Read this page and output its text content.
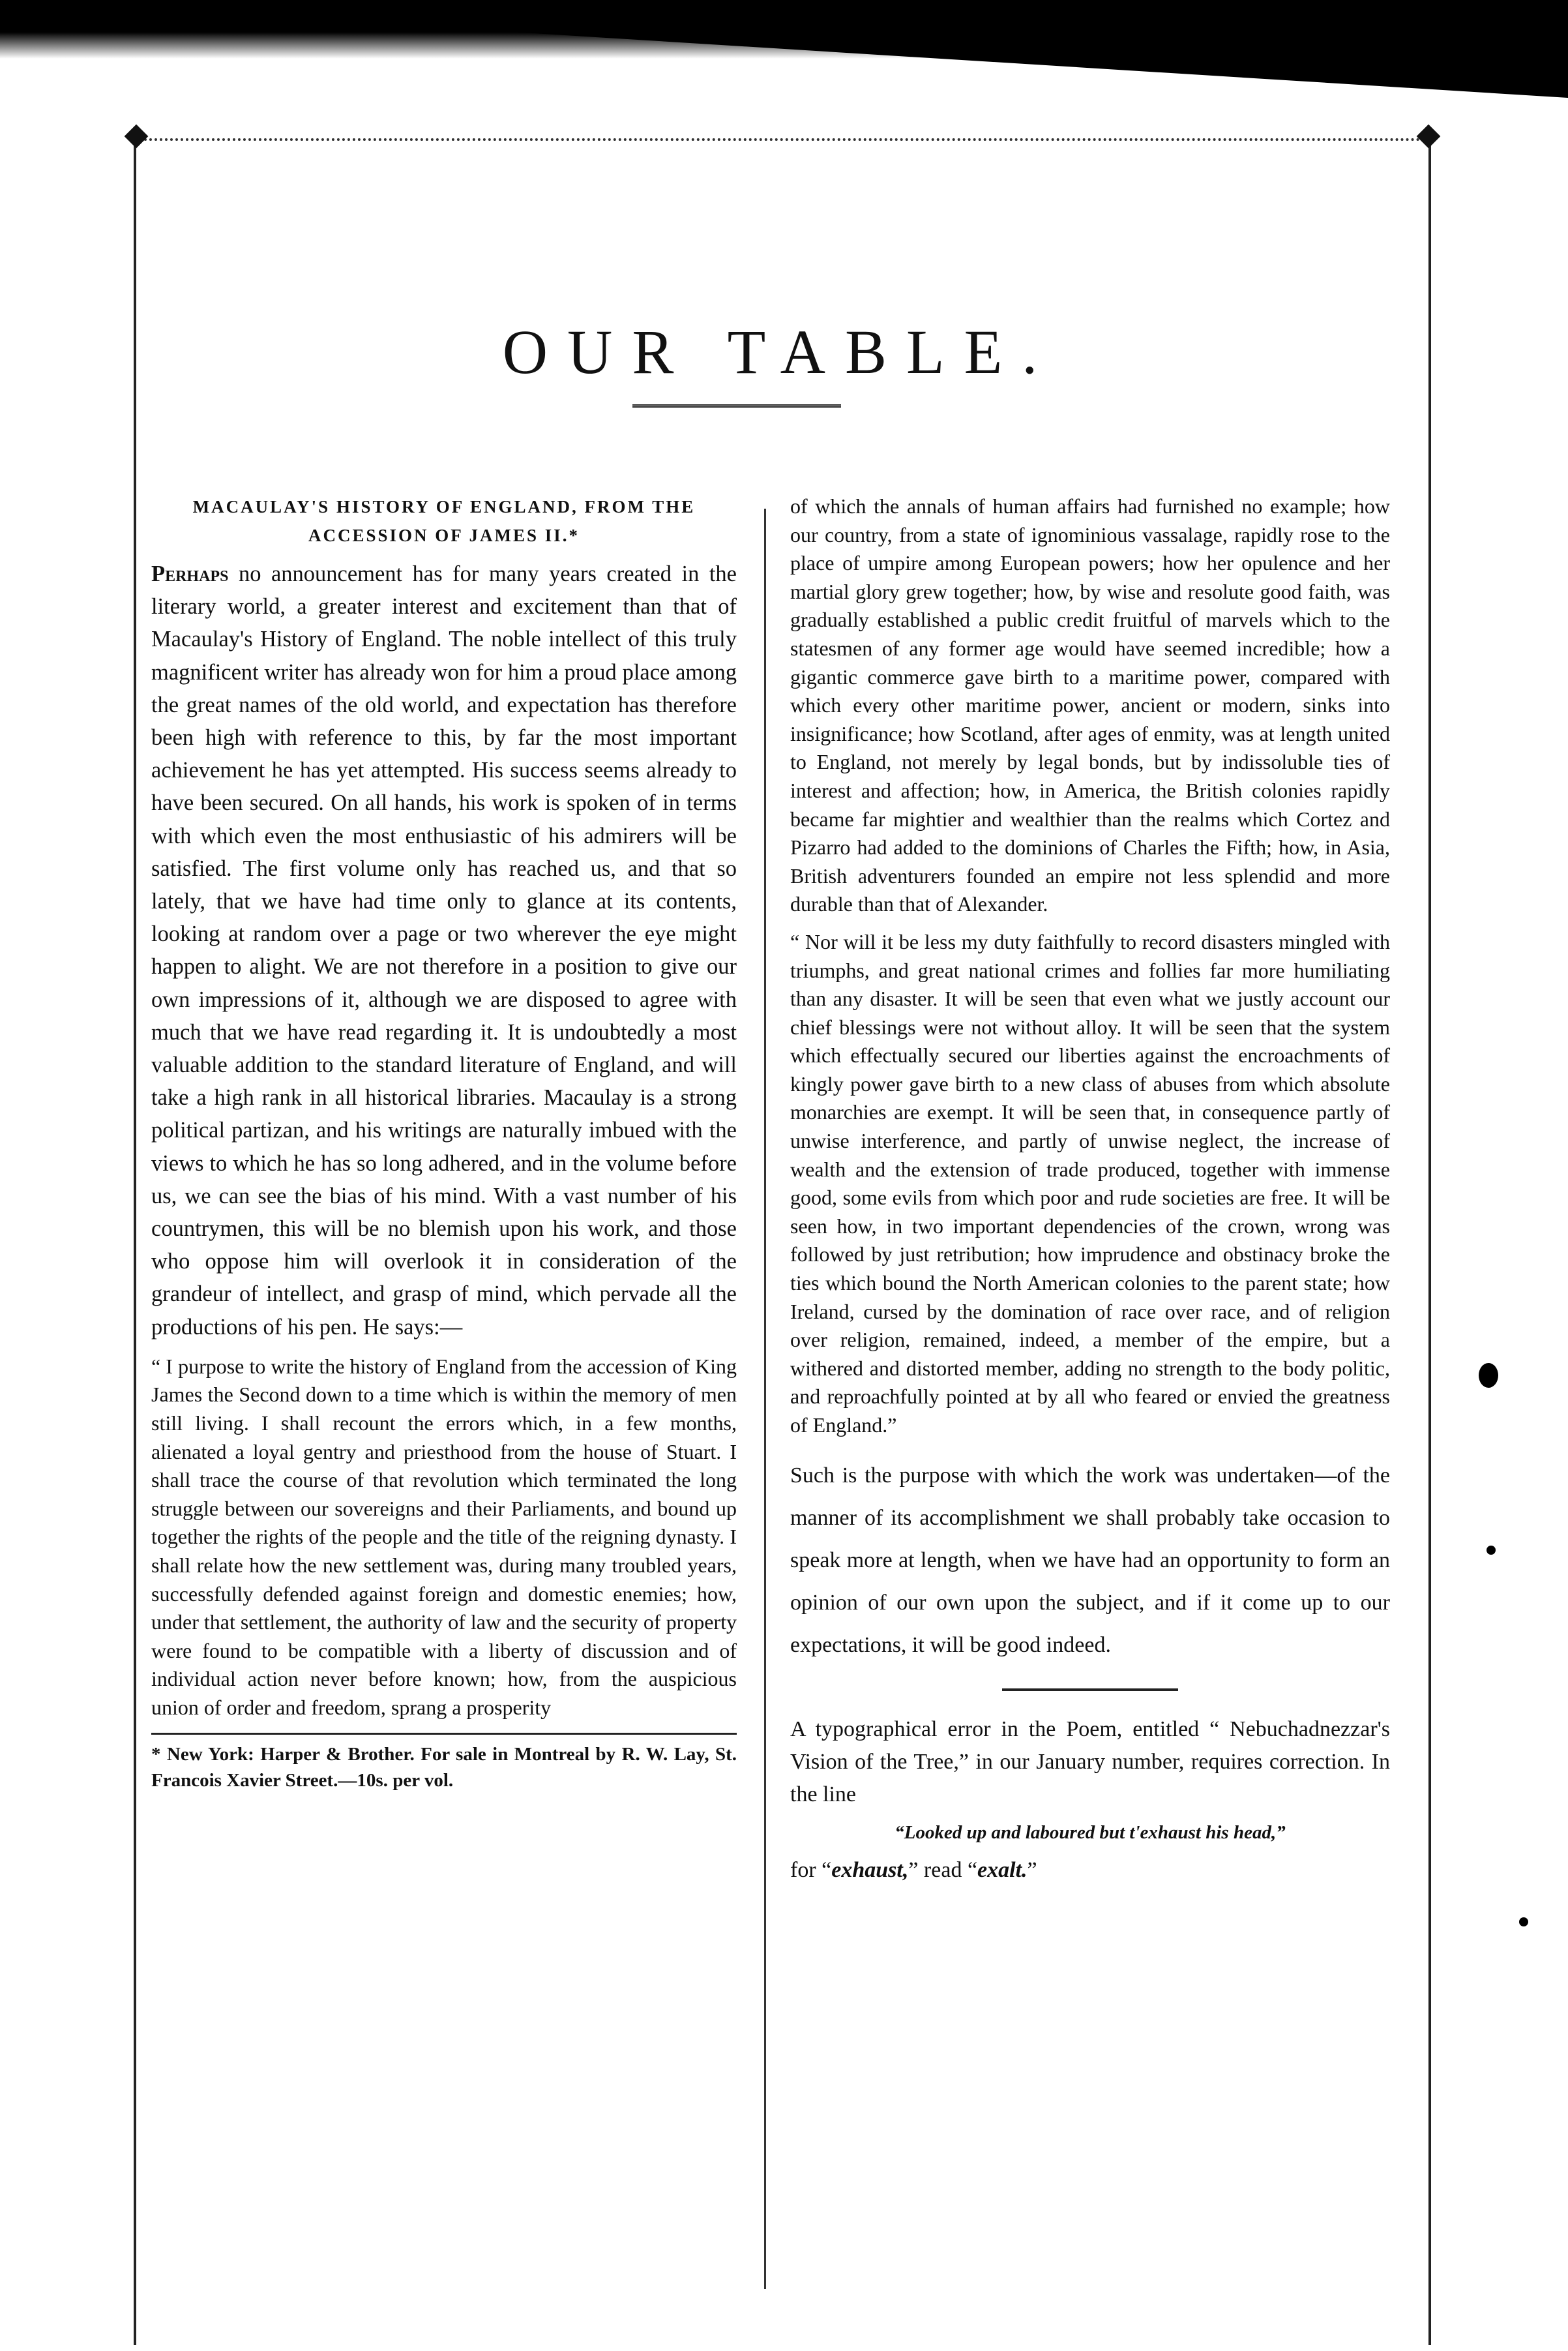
OUR TABLE.
MACAULAY'S HISTORY OF ENGLAND, FROM THE ACCESSION OF JAMES II.*

Perhaps no announcement has for many years created in the literary world, a greater interest and excitement than that of Macaulay's History of England. The noble intellect of this truly magnificent writer has already won for him a proud place among the great names of the old world, and expectation has therefore been high with reference to this, by far the most important achievement he has yet attempted. His success seems already to have been secured. On all hands, his work is spoken of in terms with which even the most enthusiastic of his admirers will be satisfied. The first volume only has reached us, and that so lately, that we have had time only to glance at its contents, looking at random over a page or two wherever the eye might happen to alight. We are not therefore in a position to give our own impressions of it, although we are disposed to agree with much that we have read regarding it. It is undoubtedly a most valuable addition to the standard literature of England, and will take a high rank in all historical libraries. Macaulay is a strong political partizan, and his writings are naturally imbued with the views to which he has so long adhered, and in the volume before us, we can see the bias of his mind. With a vast number of his countrymen, this will be no blemish upon his work, and those who oppose him will overlook it in consideration of the grandeur of intellect, and grasp of mind, which pervade all the productions of his pen. He says:—

“ I purpose to write the history of England from the accession of King James the Second down to a time which is within the memory of men still living. I shall recount the errors which, in a few months, alienated a loyal gentry and priesthood from the house of Stuart. I shall trace the course of that revolution which terminated the long struggle between our sovereigns and their Parliaments, and bound up together the rights of the people and the title of the reigning dynasty. I shall relate how the new settlement was, during many troubled years, successfully defended against foreign and domestic enemies; how, under that settlement, the authority of law and the security of property were found to be compatible with a liberty of discussion and of individual action never before known; how, from the auspicious union of order and freedom, sprang a prosperity

* New York: Harper & Brother. For sale in Montreal by R. W. Lay, St. Francois Xavier Street.—10s. per vol.

of which the annals of human affairs had furnished no example; how our country, from a state of ignominious vassalage, rapidly rose to the place of umpire among European powers; how her opulence and her martial glory grew together; how, by wise and resolute good faith, was gradually established a public credit fruitful of marvels which to the statesmen of any former age would have seemed incredible; how a gigantic commerce gave birth to a maritime power, compared with which every other maritime power, ancient or modern, sinks into insignificance; how Scotland, after ages of enmity, was at length united to England, not merely by legal bonds, but by indissoluble ties of interest and affection; how, in America, the British colonies rapidly became far mightier and wealthier than the realms which Cortez and Pizarro had added to the dominions of Charles the Fifth; how, in Asia, British adventurers founded an empire not less splendid and more durable than that of Alexander.

“ Nor will it be less my duty faithfully to record disasters mingled with triumphs, and great national crimes and follies far more humiliating than any disaster. It will be seen that even what we justly account our chief blessings were not without alloy. It will be seen that the system which effectually secured our liberties against the encroachments of kingly power gave birth to a new class of abuses from which absolute monarchies are exempt. It will be seen that, in consequence partly of unwise interference, and partly of unwise neglect, the increase of wealth and the extension of trade produced, together with immense good, some evils from which poor and rude societies are free. It will be seen how, in two important dependencies of the crown, wrong was followed by just retribution; how imprudence and obstinacy broke the ties which bound the North American colonies to the parent state; how Ireland, cursed by the domination of race over race, and of religion over religion, remained, indeed, a member of the empire, but a withered and distorted member, adding no strength to the body politic, and reproachfully pointed at by all who feared or envied the greatness of England.”

Such is the purpose with which the work was undertaken—of the manner of its accomplishment we shall probably take occasion to speak more at length, when we have had an opportunity to form an opinion of our own upon the subject, and if it come up to our expectations, it will be good indeed.

A typographical error in the Poem, entitled “ Nebuchadnezzar's Vision of the Tree,” in our January number, requires correction. In the line

“Looked up and laboured but t'exhaust his head,”
for “exhaust,” read “exalt.”
